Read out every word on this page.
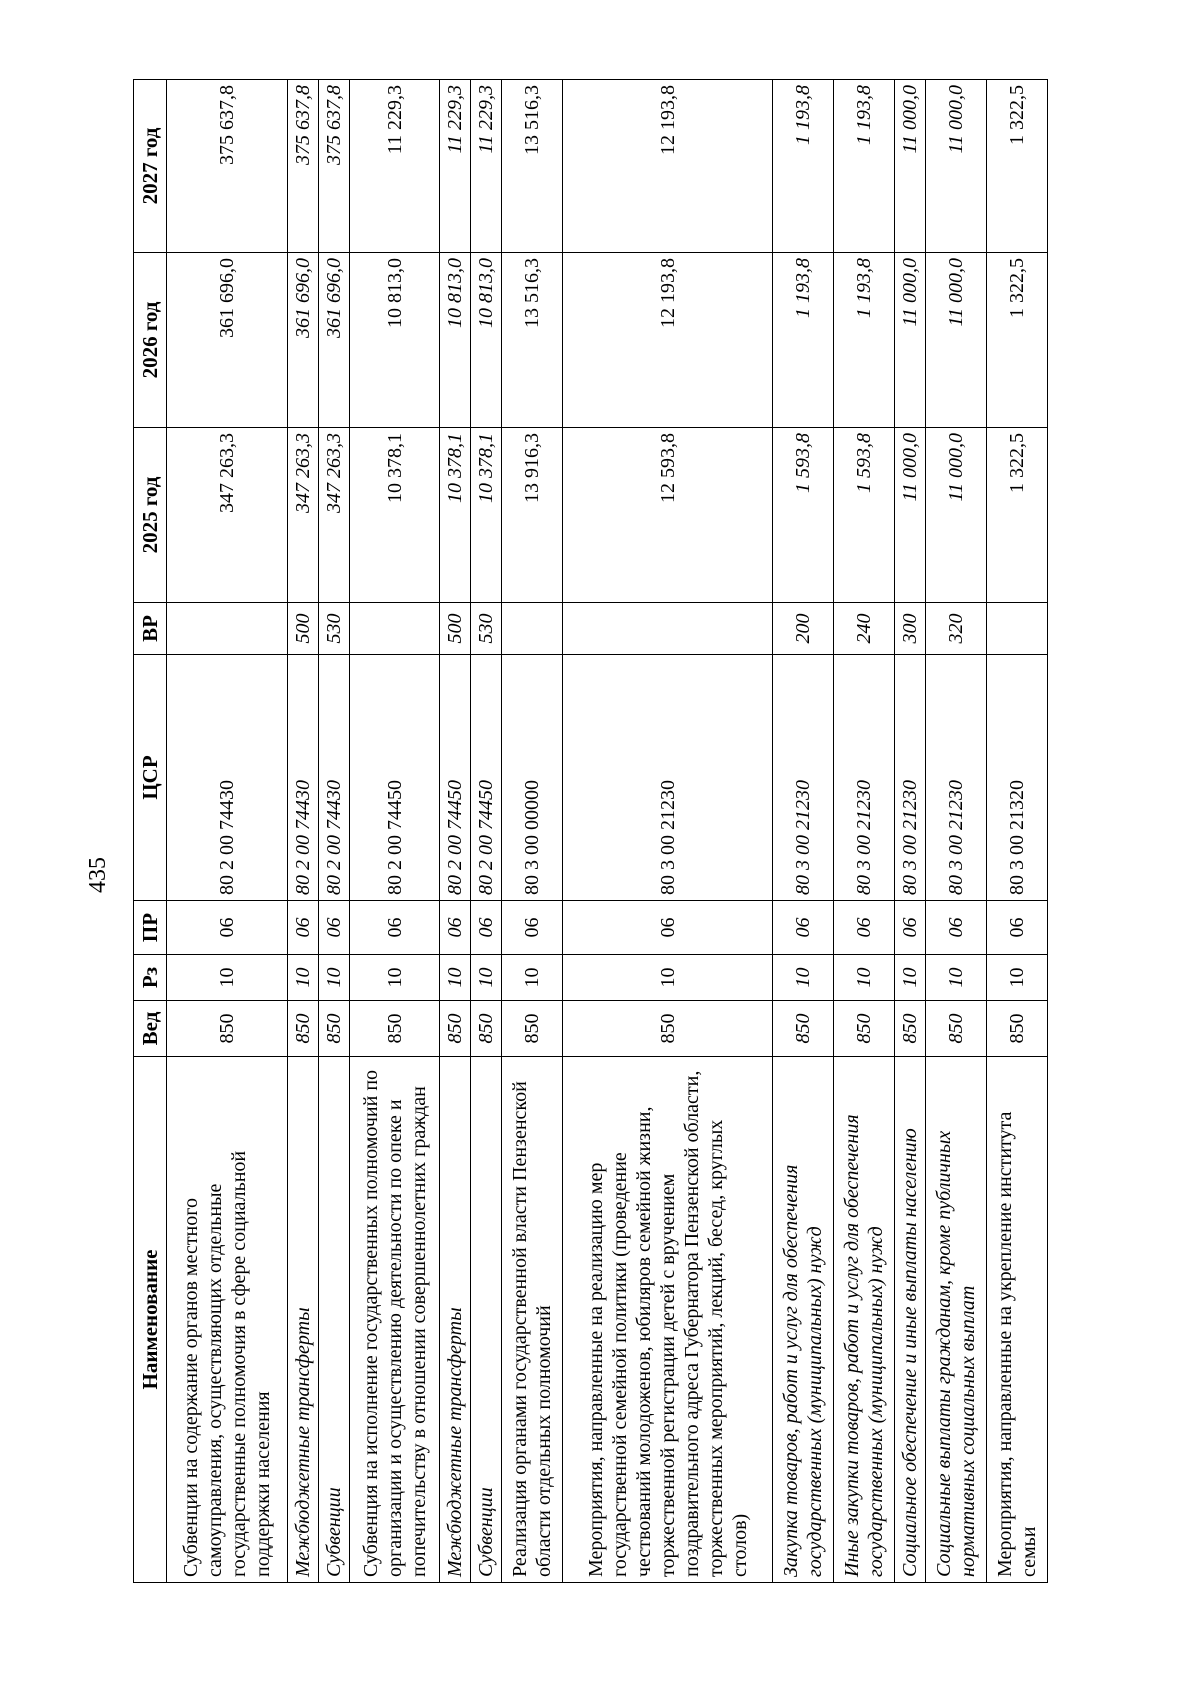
435
Наименование	Вед	Рз	ПР	ЦСР	ВР	2025 год	2026 год	2027 год
Субвенции на содержание органов местного самоуправления, осуществляющих отдельные государственные полномочия в сфере социальной поддержки населения	850	10	06	80 2 00 74430		347 263,3	361 696,0	375 637,8
Межбюджетные трансферты	850	10	06	80 2 00 74430	500	347 263,3	361 696,0	375 637,8
Субвенции	850	10	06	80 2 00 74430	530	347 263,3	361 696,0	375 637,8
Субвенция на исполнение государственных полномочий по организации и осуществлению деятельности по опеке и попечительству в отношении совершеннолетних граждан	850	10	06	80 2 00 74450		10 378,1	10 813,0	11 229,3
Межбюджетные трансферты	850	10	06	80 2 00 74450	500	10 378,1	10 813,0	11 229,3
Субвенции	850	10	06	80 2 00 74450	530	10 378,1	10 813,0	11 229,3
Реализация органами государственной власти Пензенской области отдельных полномочий	850	10	06	80 3 00 00000		13 916,3	13 516,3	13 516,3
Мероприятия, направленные на реализацию мер государственной семейной политики (проведение чествований молодоженов, юбиляров семейной жизни, торжественной регистрации детей с вручением поздравительного адреса Губернатора Пензенской области, торжественных мероприятий, лекций, бесед, круглых столов)	850	10	06	80 3 00 21230		12 593,8	12 193,8	12 193,8
Закупка товаров, работ и услуг для обеспечения государственных (муниципальных) нужд	850	10	06	80 3 00 21230	200	1 593,8	1 193,8	1 193,8
Иные закупки товаров, работ и услуг для обеспечения государственных (муниципальных) нужд	850	10	06	80 3 00 21230	240	1 593,8	1 193,8	1 193,8
Социальное обеспечение и иные выплаты населению	850	10	06	80 3 00 21230	300	11 000,0	11 000,0	11 000,0
Социальные выплаты гражданам, кроме публичных нормативных социальных выплат	850	10	06	80 3 00 21230	320	11 000,0	11 000,0	11 000,0
Мероприятия, направленные на укрепление института семьи	850	10	06	80 3 00 21320		1 322,5	1 322,5	1 322,5
